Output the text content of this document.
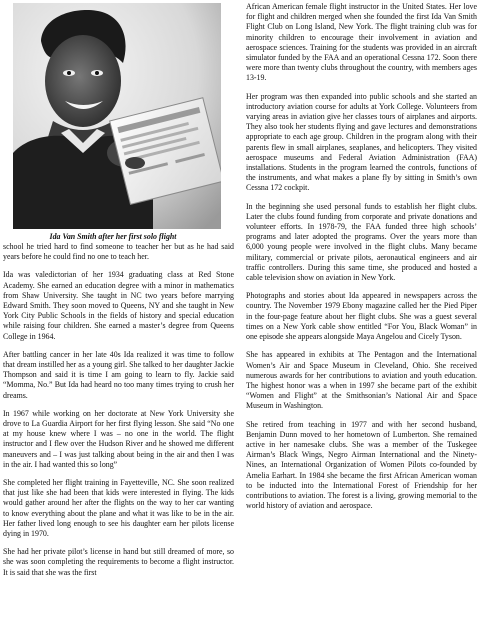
Ida Van Smith after her first solo flight

school he tried hard to find someone to teacher her but as he had said years before he could find no one to teach her.

Ida was valedictorian of her 1934 graduating class at Red Stone Academy. She earned an education degree with a minor in mathematics from Shaw University. She taught in NC two years before marrying Edward Smith. They soon moved to Queens, NY and she taught in New York City Public Schools in the fields of history and special education while raising four children. She earned a master’s degree from Queens College in 1964.

After battling cancer in her late 40s Ida realized it was time to follow that dream instilled her as a young girl. She talked to her daughter Jackie Thompson and said it is time I am going to learn to fly. Jackie said “Momma, No.” But Ida had heard no too many times trying to crush her dreams.

In 1967 while working on her doctorate at New York University she drove to La Guardia Airport for her first flying lesson. She said “No one at my house knew where I was – no one in the world. The flight instructor and I flew over the Hudson River and he showed me different maneuvers and – I was just talking about being in the air and then I was in the air. I had wanted this so long”

She completed her flight training in Fayetteville, NC. She soon realized that just like she had been that kids were interested in flying. The kids would gather around her after the flights on the way to her car wanting to know everything about the plane and what it was like to be in the air. Her father lived long enough to see his daughter earn her pilots license dying in 1970.

She had her private pilot’s license in hand but still dreamed of more, so she was soon completing the requirements to become a flight instructor. It is said that she was the first

African American female flight instructor in the United States. Her love for flight and children merged when she founded the first Ida Van Smith Flight Club on Long Island, New York. The flight training club was for minority children to encourage their involvement in aviation and aerospace sciences. Training for the students was provided in an aircraft simulator funded by the FAA and an operational Cessna 172. Soon there were more than twenty clubs throughout the country, with members ages 13-19.

Her program was then expanded into public schools and she started an introductory aviation course for adults at York College. Volunteers from varying areas in aviation give her classes tours of airplanes and airports. They also took her students flying and gave lectures and demonstrations appropriate to each age group. Children in the program along with their parents flew in small airplanes, seaplanes, and helicopters. They visited aerospace museums and Federal Aviation Administration (FAA) installations. Students in the program learned the controls, functions of the instruments, and what makes a plane fly by sitting in Smith’s own Cessna 172 cockpit.

In the beginning she used personal funds to establish her flight clubs. Later the clubs found funding from corporate and private donations and volunteer efforts. In 1978-79, the FAA funded three high schools’ programs and later adopted the programs. Over the years more than 6,000 young people were involved in the flight clubs. Many became military, commercial or private pilots, aeronautical engineers and air traffic controllers. During this same time, she produced and hosted a cable television show on aviation in New York.

Photographs and stories about Ida appeared in newspapers across the country. The November 1979 Ebony magazine called her the Pied Piper in the four-page feature about her flight clubs. She was a guest several times on a New York cable show entitled “For You, Black Woman” in one episode she appears alongside Maya Angelou and Cicely Tyson.

She has appeared in exhibits at The Pentagon and the International Women’s Air and Space Museum in Cleveland, Ohio. She received numerous awards for her contributions to aviation and youth education. The highest honor was a when in 1997 she became part of the exhibit “Women and Flight” at the Smithsonian’s National Air and Space Museum in Washington.

She retired from teaching in 1977 and with her second husband, Benjamin Dunn moved to her hometown of Lumberton. She remained active in her namesake clubs. She was a member of the Tuskegee Airman’s Black Wings, Negro Airman International and the Ninety-Nines, an International Organization of Women Pilots co-founded by Amelia Earhart. In 1984 she became the first African American woman to be inducted into the International Forest of Friendship for her contributions to aviation. The forest is a living, growing memorial to the world history of aviation and aerospace.
